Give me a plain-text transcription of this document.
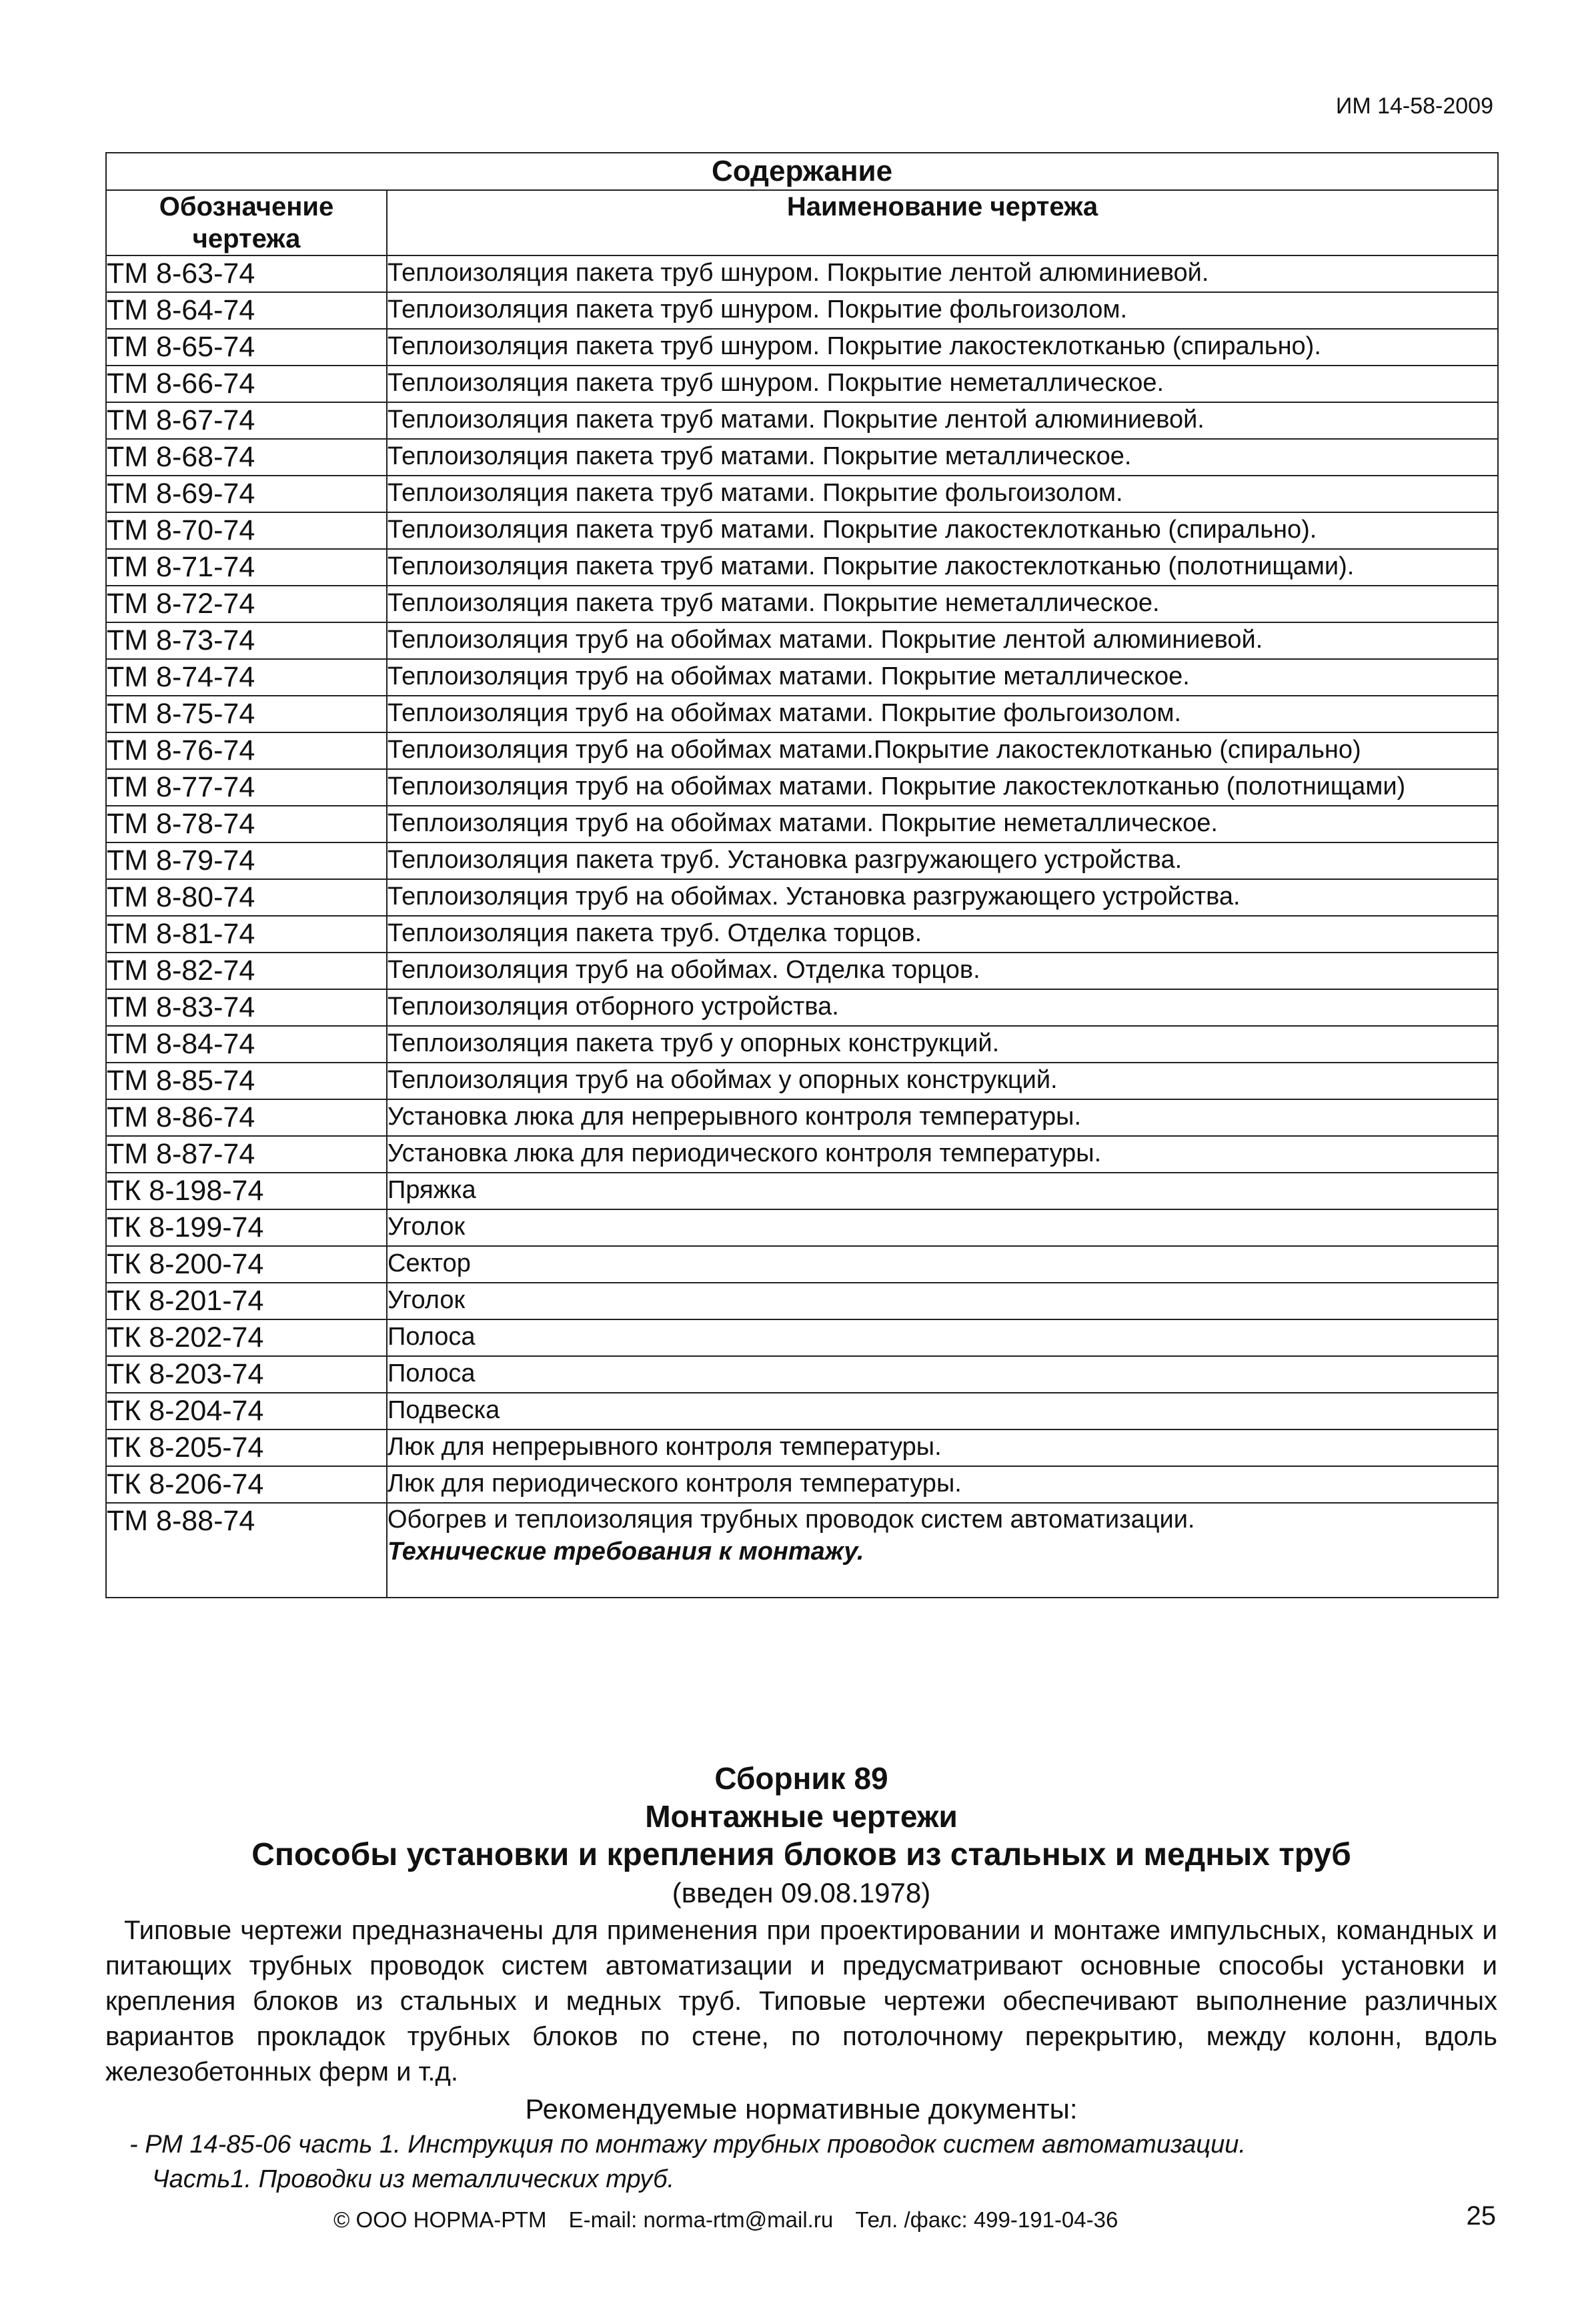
ИМ 14-58-2009
Содержание	
Обозначение чертежа	Наименование чертежа
ТМ 8-63-74	Теплоизоляция пакета труб шнуром. Покрытие лентой алюминиевой.
ТМ 8-64-74	Теплоизоляция пакета труб шнуром. Покрытие фольгоизолом.
ТМ 8-65-74	Теплоизоляция пакета труб шнуром. Покрытие лакостеклотканью (спирально).
ТМ 8-66-74	Теплоизоляция пакета труб шнуром. Покрытие неметаллическое.
ТМ 8-67-74	Теплоизоляция пакета труб матами. Покрытие лентой алюминиевой.
ТМ 8-68-74	Теплоизоляция пакета труб матами. Покрытие металлическое.
ТМ 8-69-74	Теплоизоляция пакета труб матами. Покрытие фольгоизолом.
ТМ 8-70-74	Теплоизоляция пакета труб матами. Покрытие лакостеклотканью (спирально).
ТМ 8-71-74	Теплоизоляция пакета труб матами. Покрытие лакостеклотканью (полотнищами).
ТМ 8-72-74	Теплоизоляция пакета труб матами. Покрытие неметаллическое.
ТМ 8-73-74	Теплоизоляция труб на обоймах матами. Покрытие лентой алюминиевой.
ТМ 8-74-74	Теплоизоляция труб на обоймах матами. Покрытие металлическое.
ТМ 8-75-74	Теплоизоляция труб на обоймах матами. Покрытие фольгоизолом.
ТМ 8-76-74	Теплоизоляция труб на обоймах матами.Покрытие лакостеклотканью (спирально)
ТМ 8-77-74	Теплоизоляция труб на обоймах матами. Покрытие лакостеклотканью (полотнищами)
ТМ 8-78-74	Теплоизоляция труб на обоймах матами. Покрытие неметаллическое.
ТМ 8-79-74	Теплоизоляция пакета труб. Установка разгружающего устройства.
ТМ 8-80-74	Теплоизоляция труб на обоймах. Установка разгружающего устройства.
ТМ 8-81-74	Теплоизоляция пакета труб. Отделка торцов.
ТМ 8-82-74	Теплоизоляция труб на обоймах. Отделка торцов.
ТМ 8-83-74	Теплоизоляция отборного устройства.
ТМ 8-84-74	Теплоизоляция пакета труб у опорных конструкций.
ТМ 8-85-74	Теплоизоляция труб на обоймах у опорных конструкций.
ТМ 8-86-74	Установка люка для непрерывного контроля температуры.
ТМ 8-87-74	Установка люка для периодического контроля температуры.
ТК 8-198-74	Пряжка
ТК 8-199-74	Уголок
ТК 8-200-74	Сектор
ТК 8-201-74	Уголок
ТК 8-202-74	Полоса
ТК 8-203-74	Полоса
ТК 8-204-74	Подвеска
ТК 8-205-74	Люк для непрерывного контроля температуры.
ТК 8-206-74	Люк для периодического контроля температуры.
ТМ 8-88-74	Обогрев и теплоизоляция трубных проводок систем автоматизации.
Технические требования к монтажу.
Сборник 89
Монтажные чертежи
Способы установки и крепления блоков из стальных и медных труб
(введен 09.08.1978)

Типовые чертежи предназначены для применения при проектировании и монтаже импульсных, командных и питающих трубных проводок систем автоматизации и предусматривают основные способы установки и крепления блоков из стальных и медных труб. Типовые чертежи обеспечивают выполнение различных вариантов прокладок трубных блоков по стене, по потолочному перекрытию, между колонн, вдоль железобетонных ферм и т.д.

Рекомендуемые нормативные документы:
- РМ 14-85-06 часть 1. Инструкция по монтажу трубных проводок систем автоматизации.
Часть1. Проводки из металлических труб.
© ООО НОРМА-РТМ E-mail: norma-rtm@mail.ru Тел. /факс: 499-191-04-36	25
